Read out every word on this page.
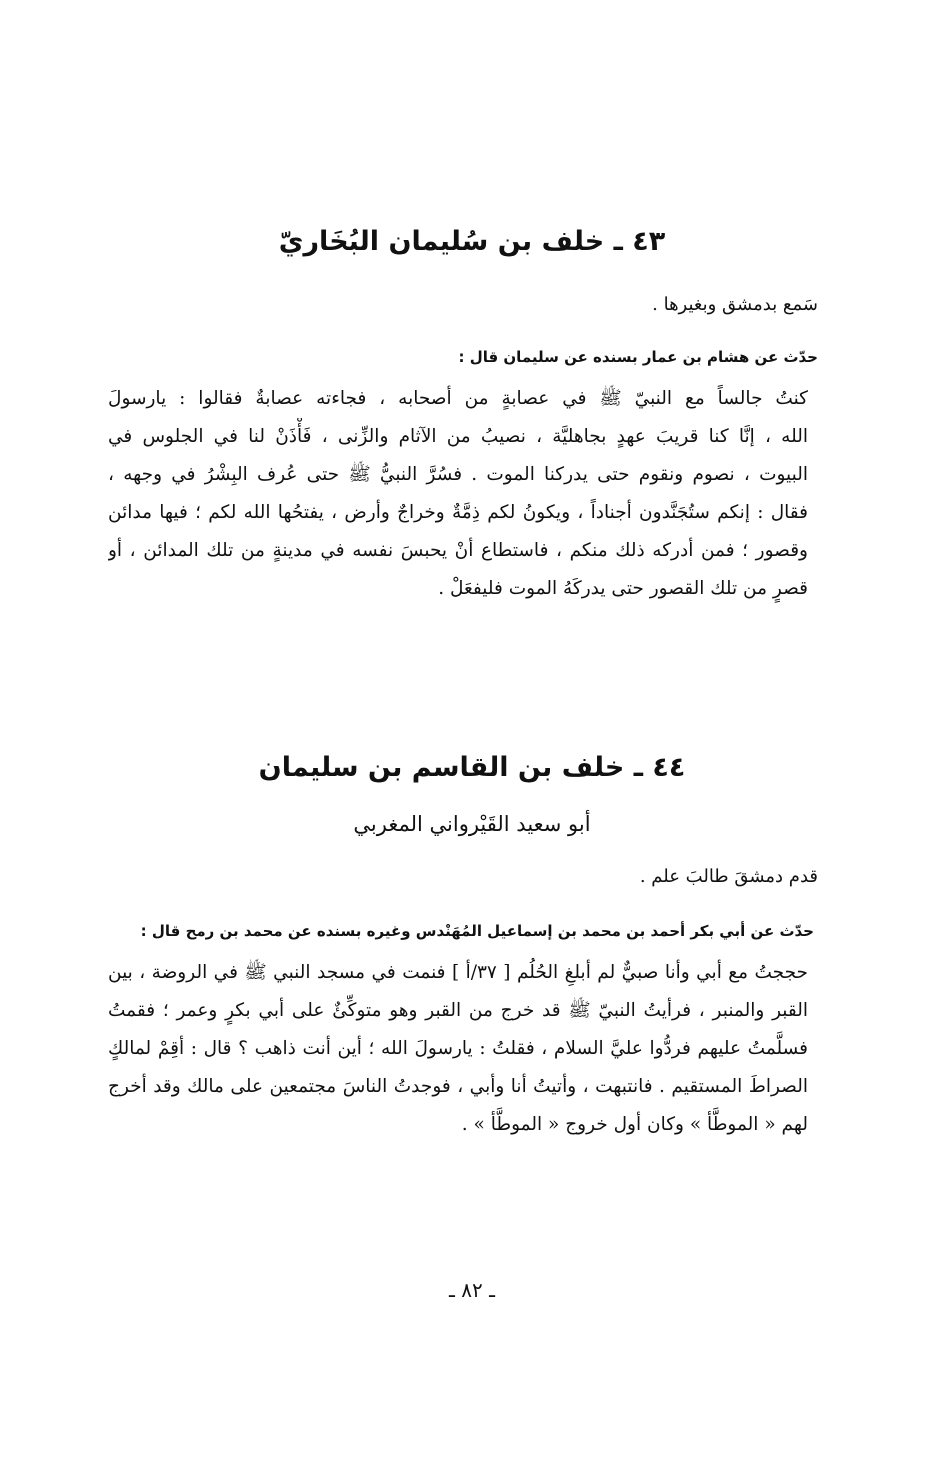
٤٣ ـ خلف بن سُليمان البُخَاريّ
سَمع بدمشق وبغيرها .
حدّث عن هشام بن عمار بسنده عن سليمان قال :
كنتُ جالساً مع النبيّ ﷺ في عصابةٍ من أصحابه ، فجاءته عصابةٌ فقالوا : يارسولَ
الله ، إنَّا كنا قريبَ عهدٍ بجاهليَّة ، نصيبُ من الآثام والزِّنى ، فَأْذَنْ لنا في الجلوس في
البيوت ، نصوم ونقوم حتى يدركنا الموت . فسُرَّ النبيُّ ﷺ حتى عُرف البِشْرُ في وجهه ،
فقال : إنكم ستُجَنَّدون أجناداً ، ويكونُ لكم ذِمَّةٌ وخراجٌ وأرض ، يفتحُها الله لكم ؛ فيها مدائن
وقصور ؛ فمن أدركه ذلك منكم ، فاستطاع أنْ يحبسَ نفسه في مدينةٍ من تلك المدائن ، أو
قصرٍ من تلك القصور حتى يدركَهُ الموت فليفعَلْ .
٤٤ ـ خلف بن القاسم بن سليمان
أبو سعيد القَيْرواني المغربي
قدم دمشقَ طالبَ علم .
حدّث عن أبي بكر أحمد بن محمد بن إسماعيل المُهَنْدس وغيره بسنده عن محمد بن رمح قال :
حججتُ مع أبي وأنا صبيٌّ لم أبلغِ الحُلُم [ ٣٧/أ ] فنمت في مسجد النبي ﷺ في الروضة ، بين
القبر والمنبر ، فرأيتُ النبيّ ﷺ قد خرج من القبر وهو متوكِّئٌ على أبي بكرٍ وعمر ؛ فقمتُ
فسلَّمتُ عليهم فردُّوا عليَّ السلام ، فقلتُ : يارسولَ الله ؛ أين أنت ذاهب ؟ قال : أقِمْ لمالكٍ
الصراطَ المستقيم . فانتبهت ، وأتيتُ أنا وأبي ، فوجدتُ الناسَ مجتمعين على مالك وقد أخرج
لهم « الموطَّأ » وكان أول خروج « الموطَّأ » .
ـ ٨٢ ـ
